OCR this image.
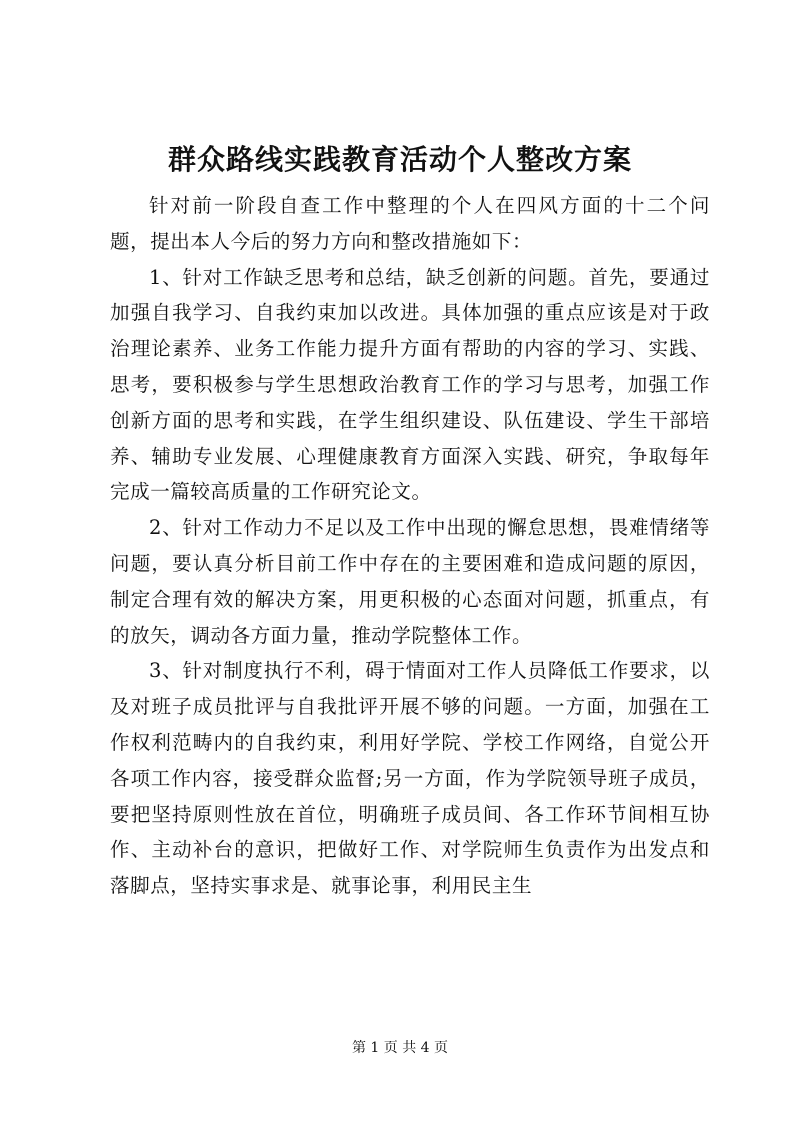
群众路线实践教育活动个人整改方案

针对前一阶段自查工作中整理的个人在四风方面的十二个问题，提出本人今后的努力方向和整改措施如下：

1、针对工作缺乏思考和总结，缺乏创新的问题。首先，要通过加强自我学习、自我约束加以改进。具体加强的重点应该是对于政治理论素养、业务工作能力提升方面有帮助的内容的学习、实践、思考，要积极参与学生思想政治教育工作的学习与思考，加强工作创新方面的思考和实践，在学生组织建设、队伍建设、学生干部培养、辅助专业发展、心理健康教育方面深入实践、研究，争取每年完成一篇较高质量的工作研究论文。

2、针对工作动力不足以及工作中出现的懈怠思想，畏难情绪等问题，要认真分析目前工作中存在的主要困难和造成问题的原因，制定合理有效的解决方案，用更积极的心态面对问题，抓重点，有的放矢，调动各方面力量，推动学院整体工作。

3、针对制度执行不利，碍于情面对工作人员降低工作要求，以及对班子成员批评与自我批评开展不够的问题。一方面，加强在工作权利范畴内的自我约束，利用好学院、学校工作网络，自觉公开各项工作内容，接受群众监督;另一方面，作为学院领导班子成员，要把坚持原则性放在首位，明确班子成员间、各工作环节间相互协作、主动补台的意识，把做好工作、对学院师生负责作为出发点和落脚点，坚持实事求是、就事论事，利用民主生

第 1 页 共 4 页
